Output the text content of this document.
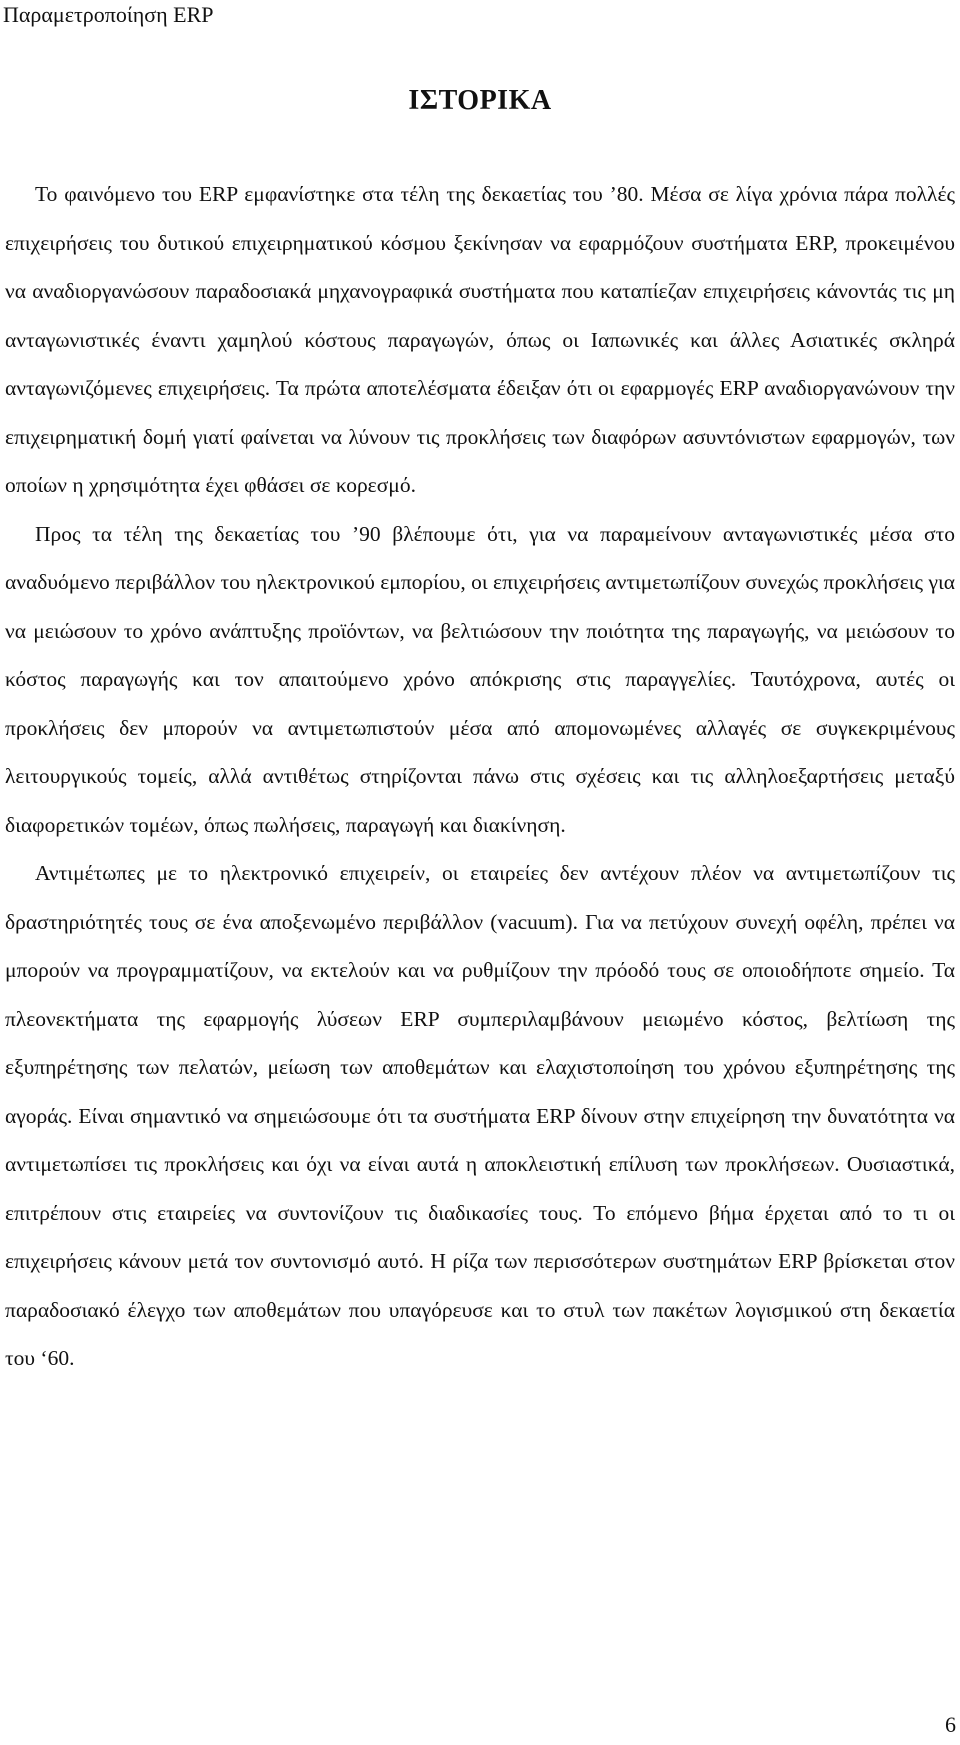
Παραμετροποίηση ERP
ΙΣΤΟΡΙΚΑ

Το φαινόμενο του ERP εμφανίστηκε στα τέλη της δεκαετίας του ’80. Μέσα σε λίγα χρόνια πάρα πολλές επιχειρήσεις του δυτικού επιχειρηματικού κόσμου ξεκίνησαν να εφαρμόζουν συστήματα ERP, προκειμένου να αναδιοργανώσουν παραδοσιακά μηχανογραφικά συστήματα που καταπίεζαν επιχειρήσεις κάνοντάς τις μη ανταγωνιστικές έναντι χαμηλού κόστους παραγωγών, όπως οι Ιαπωνικές και άλλες Ασιατικές σκληρά ανταγωνιζόμενες επιχειρήσεις. Τα πρώτα αποτελέσματα έδειξαν ότι οι εφαρμογές ERP αναδιοργανώνουν την επιχειρηματική δομή γιατί φαίνεται να λύνουν τις προκλήσεις των διαφόρων ασυντόνιστων εφαρμογών, των οποίων η χρησιμότητα έχει φθάσει σε κορεσμό.

Προς τα τέλη της δεκαετίας του ’90 βλέπουμε ότι, για να παραμείνουν ανταγωνιστικές μέσα στο αναδυόμενο περιβάλλον του ηλεκτρονικού εμπορίου, οι επιχειρήσεις αντιμετωπίζουν συνεχώς προκλήσεις για να μειώσουν το χρόνο ανάπτυξης προϊόντων, να βελτιώσουν την ποιότητα της παραγωγής, να μειώσουν το κόστος παραγωγής και τον απαιτούμενο χρόνο απόκρισης στις παραγγελίες. Ταυτόχρονα, αυτές οι προκλήσεις δεν μπορούν να αντιμετωπιστούν μέσα από απομονωμένες αλλαγές σε συγκεκριμένους λειτουργικούς τομείς, αλλά αντιθέτως στηρίζονται πάνω στις σχέσεις και τις αλληλοεξαρτήσεις μεταξύ διαφορετικών τομέων, όπως πωλήσεις, παραγωγή και διακίνηση.

Αντιμέτωπες με το ηλεκτρονικό επιχειρείν, οι εταιρείες δεν αντέχουν πλέον να αντιμετωπίζουν τις δραστηριότητές τους σε ένα αποξενωμένο περιβάλλον (vacuum). Για να πετύχουν συνεχή οφέλη, πρέπει να μπορούν να προγραμματίζουν, να εκτελούν και να ρυθμίζουν την πρόοδό τους σε οποιοδήποτε σημείο. Τα πλεονεκτήματα της εφαρμογής λύσεων ERP συμπεριλαμβάνουν μειωμένο κόστος, βελτίωση της εξυπηρέτησης των πελατών, μείωση των αποθεμάτων και ελαχιστοποίηση του χρόνου εξυπηρέτησης της αγοράς. Είναι σημαντικό να σημειώσουμε ότι τα συστήματα ERP δίνουν στην επιχείρηση την δυνατότητα να αντιμετωπίσει τις προκλήσεις και όχι να είναι αυτά η αποκλειστική επίλυση των προκλήσεων. Ουσιαστικά, επιτρέπουν στις εταιρείες να συντονίζουν τις διαδικασίες τους. Το επόμενο βήμα έρχεται από το τι οι επιχειρήσεις κάνουν μετά τον συντονισμό αυτό. Η ρίζα των περισσότερων συστημάτων ERP βρίσκεται στον παραδοσιακό έλεγχο των αποθεμάτων που υπαγόρευσε και το στυλ των πακέτων λογισμικού στη δεκαετία του ‘60.

6
